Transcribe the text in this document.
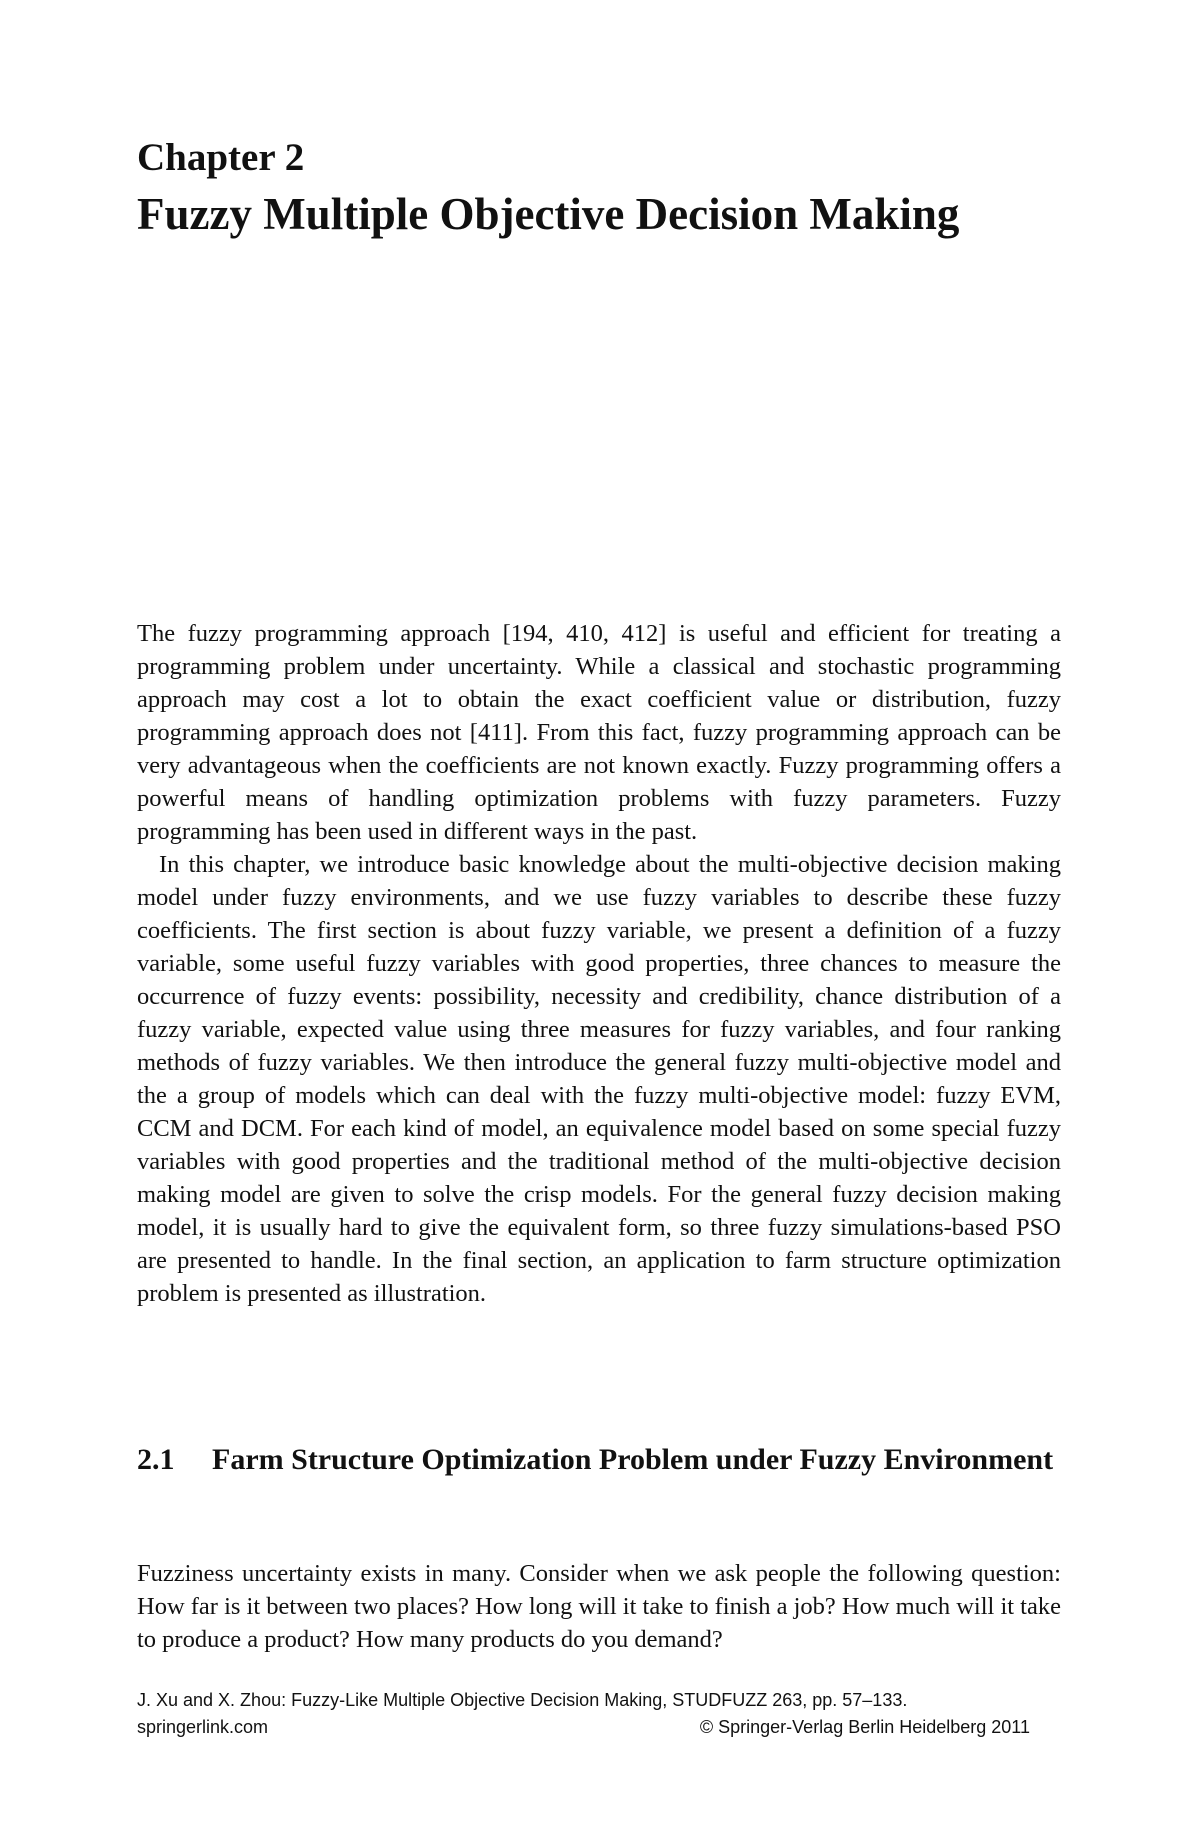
Chapter 2
Fuzzy Multiple Objective Decision Making

The fuzzy programming approach [194, 410, 412] is useful and efficient for treating a programming problem under uncertainty. While a classical and stochastic programming approach may cost a lot to obtain the exact coefficient value or distribution, fuzzy programming approach does not [411]. From this fact, fuzzy programming approach can be very advantageous when the coefficients are not known exactly. Fuzzy programming offers a powerful means of handling optimization problems with fuzzy parameters. Fuzzy programming has been used in different ways in the past.

In this chapter, we introduce basic knowledge about the multi-objective decision making model under fuzzy environments, and we use fuzzy variables to describe these fuzzy coefficients. The first section is about fuzzy variable, we present a definition of a fuzzy variable, some useful fuzzy variables with good properties, three chances to measure the occurrence of fuzzy events: possibility, necessity and credibility, chance distribution of a fuzzy variable, expected value using three measures for fuzzy variables, and four ranking methods of fuzzy variables. We then introduce the general fuzzy multi-objective model and the a group of models which can deal with the fuzzy multi-objective model: fuzzy EVM, CCM and DCM. For each kind of model, an equivalence model based on some special fuzzy variables with good properties and the traditional method of the multi-objective decision making model are given to solve the crisp models. For the general fuzzy decision making model, it is usually hard to give the equivalent form, so three fuzzy simulations-based PSO are presented to handle. In the final section, an application to farm structure optimization problem is presented as illustration.

2.1	Farm Structure Optimization Problem under Fuzzy Environment

Fuzziness uncertainty exists in many. Consider when we ask people the following question: How far is it between two places? How long will it take to finish a job? How much will it take to produce a product? How many products do you demand?

J. Xu and X. Zhou: Fuzzy-Like Multiple Objective Decision Making, STUDFUZZ 263, pp. 57–133.
springerlink.com	© Springer-Verlag Berlin Heidelberg 2011
